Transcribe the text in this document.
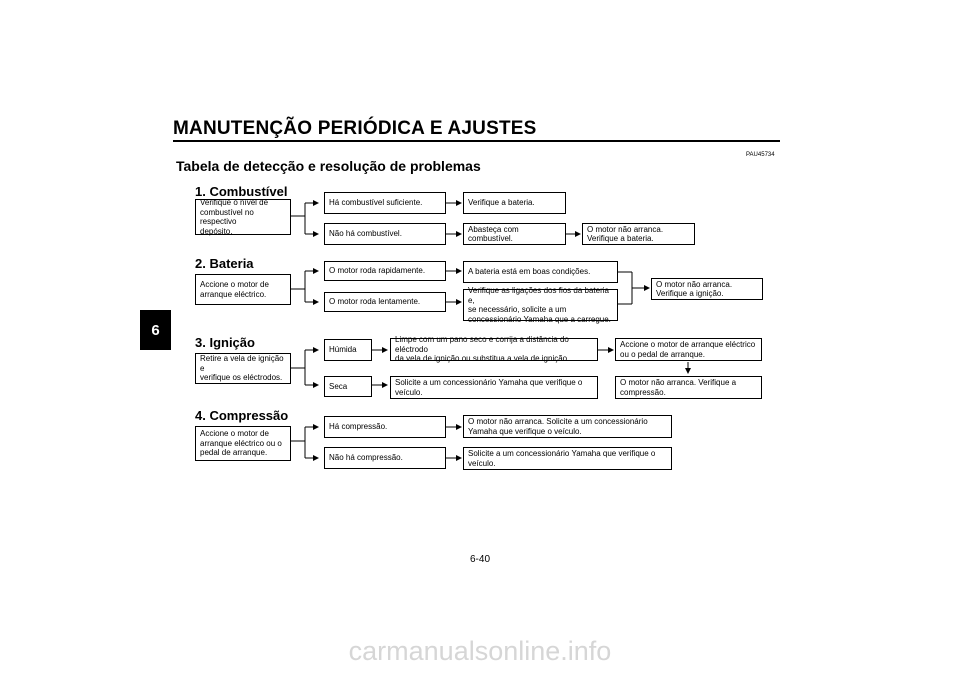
MANUTENÇÃO PERIÓDICA E AJUSTES
6
Tabela de detecção e resolução de problemas
PAU45734
1. Combustível
Verifique o nível de
combustível no respectivo
depósito.
Há combustível suficiente.	Verifique a bateria.
Não há combustível.
Abasteça com combustível.
O motor não arranca.
Verifique a bateria.
2. Bateria
Accione o motor de
arranque eléctrico.
O motor roda rapidamente.	A bateria está em boas condições.
O motor roda lentamente.
Verifique as ligações dos fios da bateria e,
se necessário, solicite a um
concessionário Yamaha que a carregue.
O motor não arranca.
Verifique a ignição.
3. Ignição
Retire a vela de ignição e
verifique os eléctrodos.
Húmida
Limpe com um pano seco e corrija a distância do eléctrodo
da vela de ignição ou substitua a vela de ignição.
Accione o motor de arranque eléctrico
ou o pedal de arranque.
Seca	Solicite a um concessionário Yamaha que verifique o
veículo.
O motor não arranca. Verifique a
compressão.
4. Compressão
Accione o motor de
arranque eléctrico ou o
pedal de arranque.
Há compressão.
O motor não arranca. Solicite a um concessionário
Yamaha que verifique o veículo.
Não há compressão.	Solicite a um concessionário Yamaha que verifique o
veículo.
6-40
carmanualsonline.info
